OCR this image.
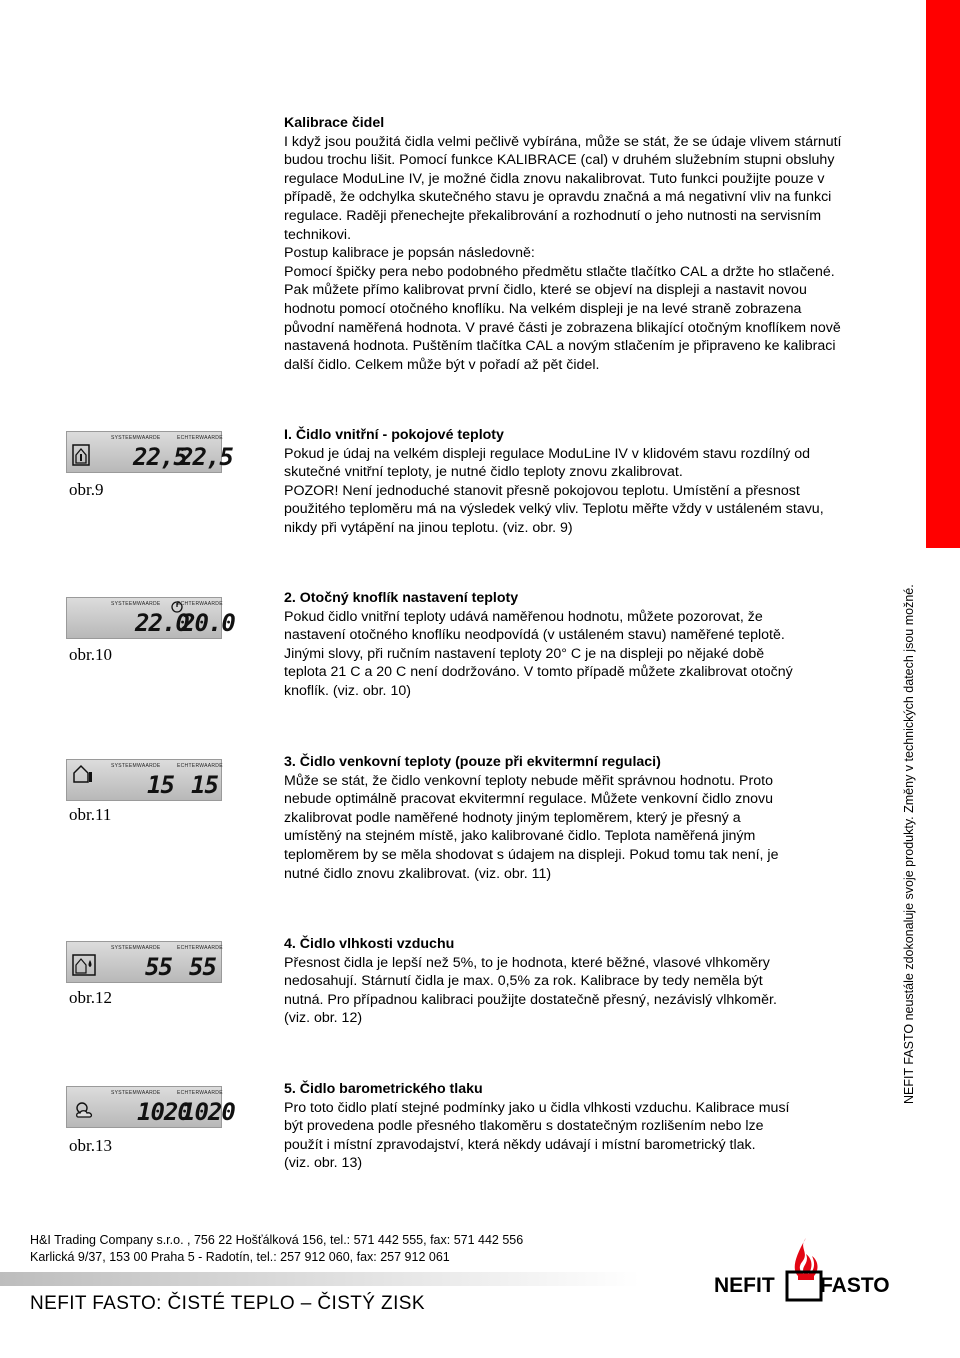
NEFIT FASTO neustále zdokonaluje svoje produkty. Změny v technických datech jsou možné.

Kalibrace čidel

I když jsou použitá čidla velmi pečlivě vybírána, může se stát, že se údaje vlivem stárnutí

budou trochu lišit. Pomocí funkce KALIBRACE (cal) v druhém služebním stupni obsluhy

regulace ModuLine IV, je možné čidla znovu nakalibrovat. Tuto funkci použijte pouze v

případě, že odchylka skutečného stavu je opravdu značná a má negativní vliv na funkci

regulace. Raději přenechejte překalibrování a rozhodnutí o jeho nutnosti na servisním

technikovi.

Postup kalibrace je popsán následovně:

Pomocí špičky pera nebo podobného předmětu stlačte tlačítko CAL a držte ho stlačené.

Pak můžete přímo kalibrovat první čidlo, které se objeví na displeji a nastavit novou

hodnotu pomocí otočného knoflíku. Na velkém displeji je na levé straně zobrazena

původní naměřená hodnota. V pravé části je zobrazena blikající otočným knoflíkem nově

nastavená hodnota. Puštěním tlačítka CAL a novým stlačením je připraveno ke kalibraci

další čidlo. Celkem může být v pořadí až pět čidel.

I. Čidlo vnitřní - pokojové teploty

Pokud je údaj na velkém displeji regulace ModuLine IV v klidovém stavu rozdílný od

skutečné vnitřní teploty, je nutné čidlo teploty znovu zkalibrovat.

POZOR! Není jednoduché stanovit přesně pokojovou teplotu. Umístění a přesnost

použitého teploměru má na výsledek velký vliv. Teplotu měřte vždy v ustáleném stavu,

nikdy při vytápění na jinou teplotu. (viz. obr. 9)

2. Otočný knoflík nastavení teploty

Pokud čidlo vnitřní teploty udává naměřenou hodnotu, můžete pozorovat, že

nastavení otočného knoflíku neodpovídá (v ustáleném stavu) naměřené teplotě.

Jinými slovy, při ručním nastavení teploty 20° C je na displeji po nějaké době

teplota 21 C a 20 C není dodržováno. V tomto případě můžete zkalibrovat otočný

knoflík. (viz. obr. 10)

3. Čidlo venkovní teploty (pouze při ekvitermní regulaci)

Může se stát, že čidlo venkovní teploty nebude měřit správnou hodnotu. Proto

nebude optimálně pracovat ekvitermní regulace. Můžete venkovní čidlo znovu

zkalibrovat podle naměřené hodnoty jiným teploměrem, který je přesný a

umístěný na stejném místě, jako kalibrované čidlo. Teplota naměřená jiným

teploměrem by se měla shodovat s údajem na displeji. Pokud tomu tak není, je

nutné čidlo znovu zkalibrovat. (viz. obr. 11)

4. Čidlo vlhkosti vzduchu

Přesnost čidla je lepší než 5%, to je hodnota, které běžné, vlasové vlhkoměry

nedosahují. Stárnutí čidla je max. 0,5% za rok. Kalibrace by tedy neměla být

nutná. Pro případnou kalibraci použijte dostatečně přesný, nezávislý vlhkoměr.

(viz. obr. 12)

5. Čidlo barometrického tlaku

Pro toto čidlo platí stejné podmínky jako u čidla vlhkosti vzduchu. Kalibrace musí

být provedena podle přesného tlakoměru s dostatečným rozlišením nebo lze

použít i místní zpravodajství, která někdy udávají i místní barometrický tlak.

(viz. obr. 13)

SYSTEEMWAARDE	ECHTERWAARDE
22,5
22,5
obr.9
SYSTEEMWAARDE	ECHTERWAARDE
22.0
20.0
obr.10
SYSTEEMWAARDE	ECHTERWAARDE
15 15
obr.11
SYSTEEMWAARDE	ECHTERWAARDE
55 55
obr.12
SYSTEEMWAARDE	ECHTERWAARDE
1020
1020
obr.13
H&I Trading Company s.r.o. , 756 22 Hošťálková 156, tel.: 571 442 555, fax: 571 442 556
Karlická 9/37, 153 00 Praha 5 - Radotín, tel.: 257 912 060, fax: 257 912 061
NEFIT FASTO: ČISTÉ TEPLO – ČISTÝ ZISK
NEFIT FASTO
